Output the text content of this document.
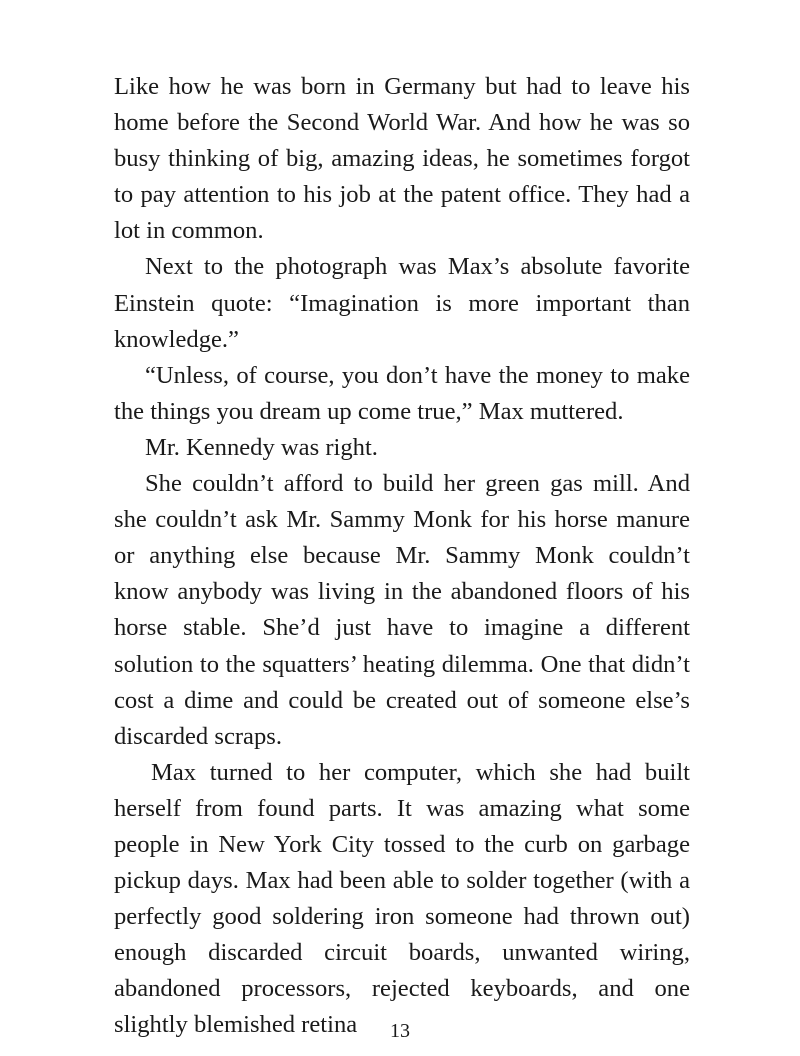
Like how he was born in Germany but had to leave his home before the Second World War. And how he was so busy thinking of big, amazing ideas, he sometimes forgot to pay attention to his job at the patent office. They had a lot in common.

Next to the photograph was Max’s absolute favorite Einstein quote: “Imagination is more important than knowledge.”

“Unless, of course, you don’t have the money to make the things you dream up come true,” Max muttered.

Mr. Kennedy was right.

She couldn’t afford to build her green gas mill. And she couldn’t ask Mr. Sammy Monk for his horse manure or anything else because Mr. Sammy Monk couldn’t know anybody was living in the abandoned floors of his horse stable. She’d just have to imagine a different solution to the squatters’ heating dilemma. One that didn’t cost a dime and could be created out of someone else’s discarded scraps.

Max turned to her computer, which she had built herself from found parts. It was amazing what some people in New York City tossed to the curb on garbage pickup days. Max had been able to solder together (with a perfectly good soldering iron someone had thrown out) enough discarded circuit boards, unwanted wiring, abandoned processors, rejected keyboards, and one slightly blemished retina	13
